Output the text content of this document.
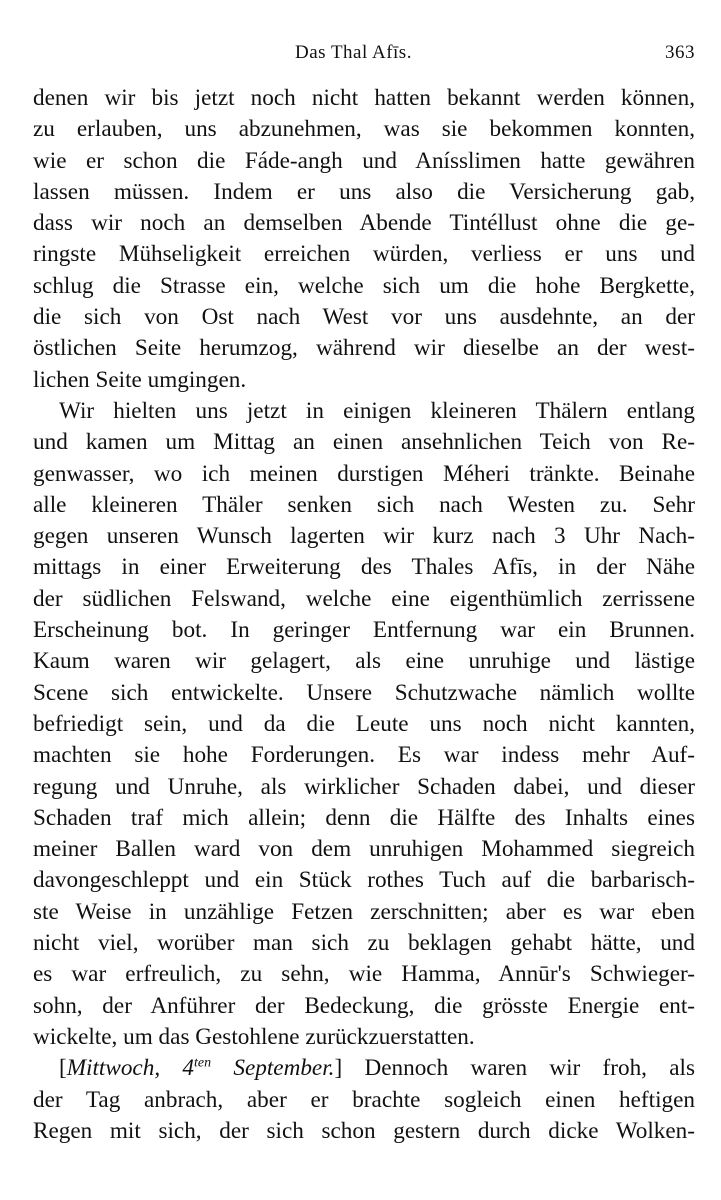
Das Thal Afīs.	363
denen wir bis jetzt noch nicht hatten bekannt werden können,
zu erlauben, uns abzunehmen, was sie bekommen konnten,
wie er schon die Fáde-angh und Anísslimen hatte gewähren
lassen müssen. Indem er uns also die Versicherung gab,
dass wir noch an demselben Abende Tintéllust ohne die ge-
ringste Mühseligkeit erreichen würden, verliess er uns und
schlug die Strasse ein, welche sich um die hohe Bergkette,
die sich von Ost nach West vor uns ausdehnte, an der
östlichen Seite herumzog, während wir dieselbe an der west-
lichen Seite umgingen.
Wir hielten uns jetzt in einigen kleineren Thälern entlang
und kamen um Mittag an einen ansehnlichen Teich von Re-
genwasser, wo ich meinen durstigen Méheri tränkte. Beinahe
alle kleineren Thäler senken sich nach Westen zu. Sehr
gegen unseren Wunsch lagerten wir kurz nach 3 Uhr Nach-
mittags in einer Erweiterung des Thales Afīs, in der Nähe
der südlichen Felswand, welche eine eigenthümlich zerrissene
Erscheinung bot. In geringer Entfernung war ein Brunnen.
Kaum waren wir gelagert, als eine unruhige und lästige
Scene sich entwickelte. Unsere Schutzwache nämlich wollte
befriedigt sein, und da die Leute uns noch nicht kannten,
machten sie hohe Forderungen. Es war indess mehr Auf-
regung und Unruhe, als wirklicher Schaden dabei, und dieser
Schaden traf mich allein; denn die Hälfte des Inhalts eines
meiner Ballen ward von dem unruhigen Mohammed siegreich
davongeschleppt und ein Stück rothes Tuch auf die barbarisch-
ste Weise in unzählige Fetzen zerschnitten; aber es war eben
nicht viel, worüber man sich zu beklagen gehabt hätte, und
es war erfreulich, zu sehn, wie Hamma, Annūr's Schwieger-
sohn, der Anführer der Bedeckung, die grösste Energie ent-
wickelte, um das Gestohlene zurückzuerstatten.
[Mittwoch, $4^{ten}$ September.] Dennoch waren wir froh, als
der Tag anbrach, aber er brachte sogleich einen heftigen
Regen mit sich, der sich schon gestern durch dicke Wolken-
